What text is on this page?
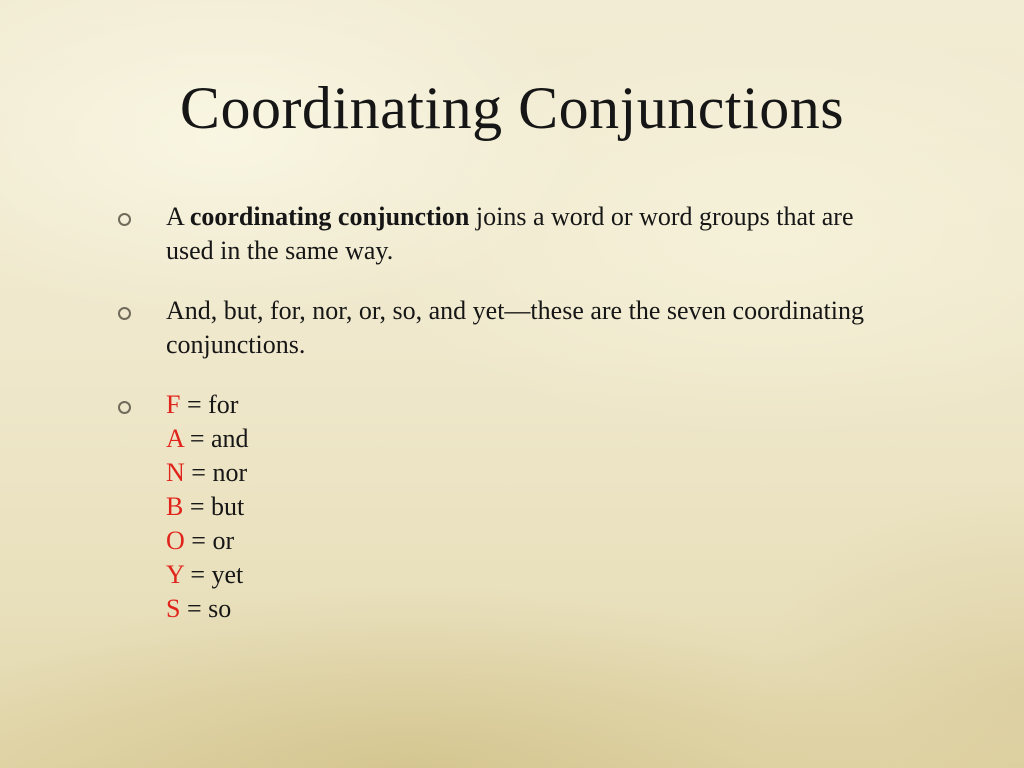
Coordinating Conjunctions
A coordinating conjunction joins a word or word groups that are used in the same way.
And, but, for, nor, or, so, and yet—these are the seven coordinating conjunctions.
F = for
A = and
N = nor
B = but
O = or
Y = yet
S = so
